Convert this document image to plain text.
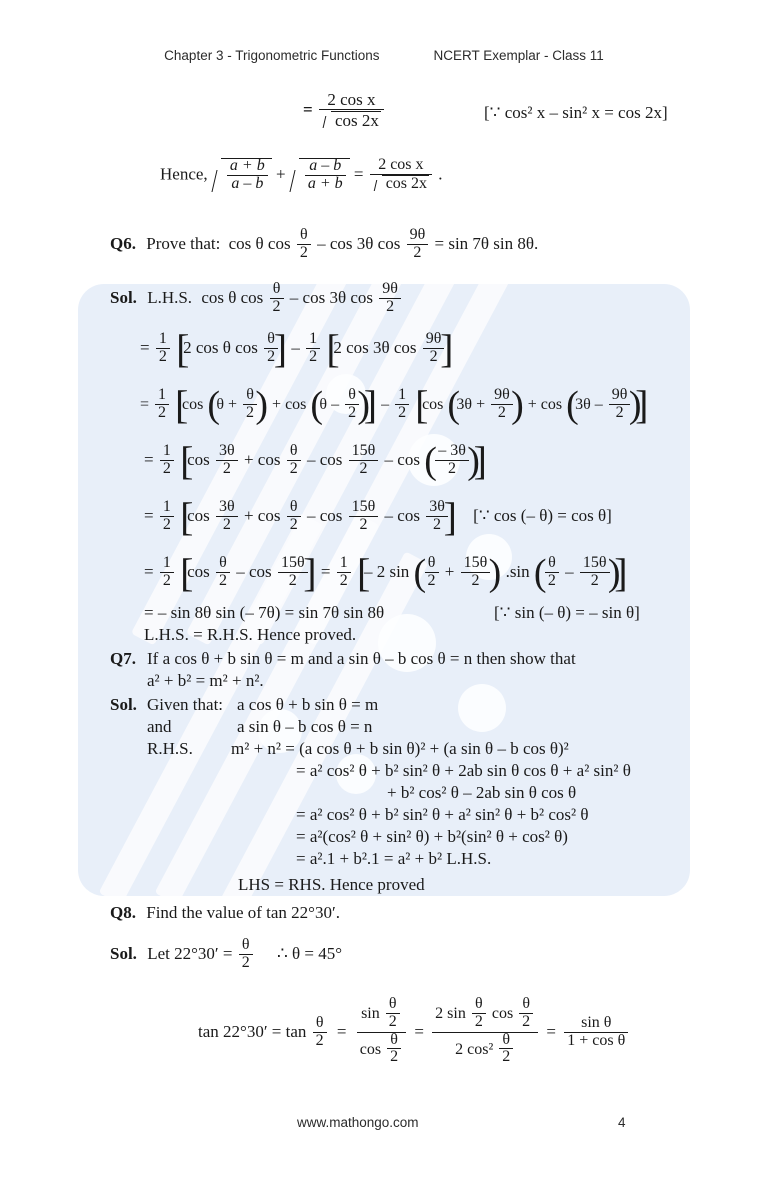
Chapter 3 - Trigonometric Functions	NCERT Exemplar - Class 11
= $\frac{\text{2 cos x}}{\cos 2x}$	[∵ cos² x – sin² x = cos 2x]
Hence, $\frac{a + b}{a - b} + \frac{a - b}{a + b} = \frac{\text{2 cos x}}{\cos 2x}$ .
Q6. Prove that: cos θ $\cos \frac{\theta}{2}$ – cos 3θ $\cos \frac{9\theta}{2} = \sin 7\theta$ sin 8θ.
Sol. L.H.S. cos θ $\cos \frac{\theta}{2}$ – cos 3θ $\cos \frac{9\theta}{2}$
= $\frac{1}{2}$ [ 2 cos θ $\cos \frac{\theta}{2}$
] – $\frac{1}{2}$ [ 2 cos 3θ $\cos \frac{9\theta}{2}$
]
= $\frac{1}{2}$ [ cos ( $\theta + \frac{\theta}{2}$
) + cos ( θ – $\frac{\theta}{2}$
) ] – $\frac{1}{2}$ [ cos ( $3\theta + \frac{9\theta}{2}$
) + cos ( $3\theta - \frac{9\theta}{2}$
) ]
= $\frac{1}{2}$ [ $\cos \frac{3\theta}{2} + \cos \frac{\theta}{2} - \cos \frac{15\theta}{2} - \cos$ ( $\frac{- 3\theta}{2}$
) ]
= $\frac{1}{2}$ [ $\cos \frac{3\theta}{2} + \cos \frac{\theta}{2} - \cos \frac{15\theta}{2} - \cos \frac{3\theta}{2}$
] [∵ cos (– θ) = cos θ]
= $\frac{1}{2}$ [ $\cos \frac{\theta}{2}$ – $\cos \frac{15\theta}{2}$
] = $\frac{1}{2}$ [ – 2 sin ( $\frac{\theta}{2} + \frac{15\theta}{2}$
) .sin ( $\frac{\theta}{2} - \frac{15\theta}{2}$
) ]
= – sin 8θ sin (– 7θ) = sin 7θ sin 8θ	[∵ sin (– θ) = – sin θ]
L.H.S. = R.H.S. Hence proved.
Q7. If a cos θ + b sin θ = m and a sin θ – b cos θ = n then show that
a² + b² = m² + n².
Sol. Given that: a cos θ + b sin θ = m
and	a sin θ – b cos θ = n
R.H.S. m² + n² = (a cos θ + b sin θ)² + (a sin θ – b cos θ)²
= a² cos² θ + b² sin² θ + 2ab sin θ cos θ + a² sin² θ
+ b² cos² θ – 2ab sin θ cos θ
= a² cos² θ + b² sin² θ + a² sin² θ + b² cos² θ
= a²(cos² θ + sin² θ) + b²(sin² θ + cos² θ)
= a².1 + b².1 = a² + b² L.H.S.
LHS = RHS. Hence proved
Q8. Find the value of tan 22°30′.
Sol. Let $22^\circ 30' = \frac{\theta}{2}$ ∴ θ = 45°
$\tan 22^\circ 30' = \tan \frac{\theta}{2} = \frac{\sin \frac{\theta}{2}}{\cos \frac{\theta}{2}}$ =
2 $\sin \frac{\theta}{2}$ $\cos \frac{\theta}{2}$
2 $\cos^2 \frac{\theta}{2}$
= $\frac{\text{sin θ}}{\text{1 + cos θ}}$
www.mathongo.com	4
